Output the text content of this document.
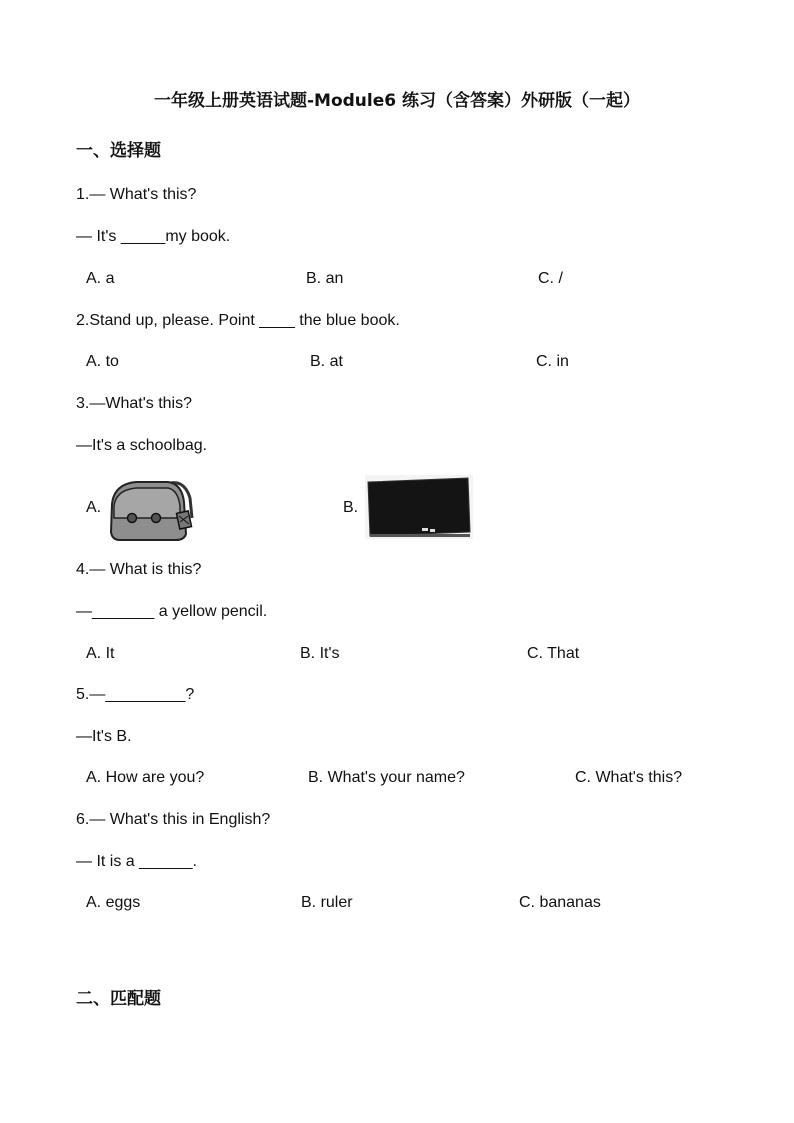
一年级上册英语试题-Module6 练习（含答案）外研版（一起）
一、选择题
1.— What's this?
— It's _____my book.
A. a	B. an	C. /
2.Stand up, please. Point ____ the blue book.
A. to	B. at	C. in
3.—What's this?
—It's a schoolbag.
A.	B.
4.— What is this?
—_______ a yellow pencil.
A. It	B. It's	C. That
5.—_________?
—It's B.
A. How are you?	B. What's your name?	C. What's this?
6.— What's this in English?
— It is a ______.
A. eggs	B. ruler	C. bananas
二、匹配题
